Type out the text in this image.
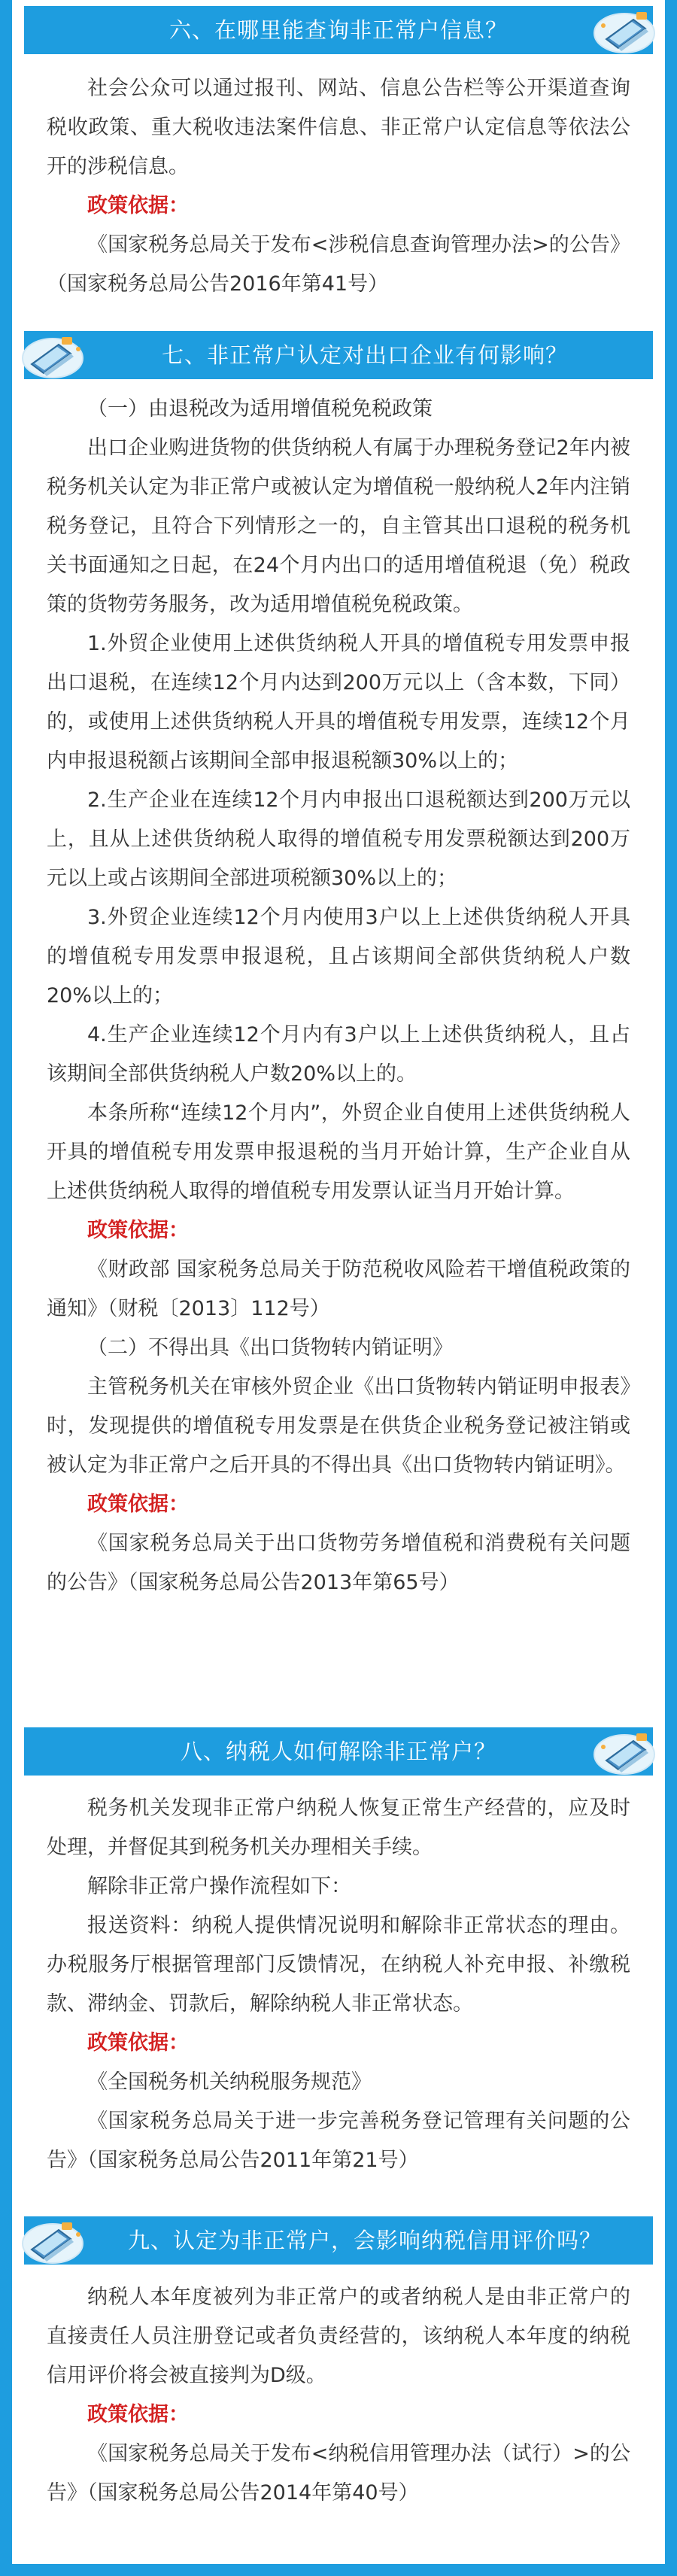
六、在哪里能查询非正常户信息？

社会公众可以通过报刊、网站、信息公告栏等公开渠道查询税收政策、重大税收违法案件信息、非正常户认定信息等依法公开的涉税信息。

政策依据：

《国家税务总局关于发布<涉税信息查询管理办法>的公告》（国家税务总局公告2016年第41号）

七、非正常户认定对出口企业有何影响？

（一）由退税改为适用增值税免税政策

出口企业购进货物的供货纳税人有属于办理税务登记2年内被税务机关认定为非正常户或被认定为增值税一般纳税人2年内注销税务登记，且符合下列情形之一的，自主管其出口退税的税务机关书面通知之日起，在24个月内出口的适用增值税退（免）税政策的货物劳务服务，改为适用增值税免税政策。

1.外贸企业使用上述供货纳税人开具的增值税专用发票申报出口退税，在连续12个月内达到200万元以上（含本数，下同）的，或使用上述供货纳税人开具的增值税专用发票，连续12个月内申报退税额占该期间全部申报退税额30%以上的；

2.生产企业在连续12个月内申报出口退税额达到200万元以上，且从上述供货纳税人取得的增值税专用发票税额达到200万元以上或占该期间全部进项税额30%以上的；

3.外贸企业连续12个月内使用3户以上上述供货纳税人开具的增值税专用发票申报退税，且占该期间全部供货纳税人户数20%以上的；

4.生产企业连续12个月内有3户以上上述供货纳税人，且占该期间全部供货纳税人户数20%以上的。

本条所称“连续12个月内”，外贸企业自使用上述供货纳税人开具的增值税专用发票申报退税的当月开始计算，生产企业自从上述供货纳税人取得的增值税专用发票认证当月开始计算。

政策依据：

《财政部 国家税务总局关于防范税收风险若干增值税政策的通知》（财税〔2013〕112号）

（二）不得出具《出口货物转内销证明》

主管税务机关在审核外贸企业《出口货物转内销证明申报表》时，发现提供的增值税专用发票是在供货企业税务登记被注销或被认定为非正常户之后开具的不得出具《出口货物转内销证明》。

政策依据：

《国家税务总局关于出口货物劳务增值税和消费税有关问题的公告》（国家税务总局公告2013年第65号）

八、纳税人如何解除非正常户？

税务机关发现非正常户纳税人恢复正常生产经营的，应及时处理，并督促其到税务机关办理相关手续。

解除非正常户操作流程如下：

报送资料：纳税人提供情况说明和解除非正常状态的理由。办税服务厅根据管理部门反馈情况，在纳税人补充申报、补缴税款、滞纳金、罚款后，解除纳税人非正常状态。

政策依据：

《全国税务机关纳税服务规范》

《国家税务总局关于进一步完善税务登记管理有关问题的公告》（国家税务总局公告2011年第21号）

九、认定为非正常户，会影响纳税信用评价吗？

纳税人本年度被列为非正常户的或者纳税人是由非正常户的直接责任人员注册登记或者负责经营的，该纳税人本年度的纳税信用评价将会被直接判为D级。

政策依据：

《国家税务总局关于发布<纳税信用管理办法（试行）>的公告》（国家税务总局公告2014年第40号）
